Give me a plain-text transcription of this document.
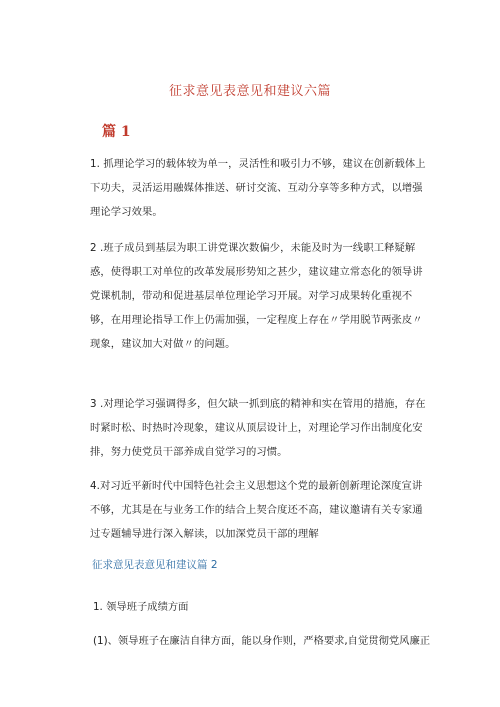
征求意见表意见和建议六篇
篇 1
1. 抓理论学习的载体较为单一，灵活性和吸引力不够，建议在创新载体上下功夫，灵活运用融媒体推送、研讨交流、互动分享等多种方式，以增强理论学习效果。
2 .班子成员到基层为职工讲党课次数偏少，未能及时为一线职工释疑解惑，使得职工对单位的改革发展形势知之甚少，建议建立常态化的领导讲党课机制，带动和促进基层单位理论学习开展。对学习成果转化重视不够，在用理论指导工作上仍需加强，一定程度上存在〃学用脱节两张皮〃现象，建议加大对做〃的问题。
3 .对理论学习强调得多，但欠缺一抓到底的精神和实在管用的措施，存在时紧时松、时热时冷现象，建议从顶层设计上，对理论学习作出制度化安排，努力使党员干部养成自觉学习的习惯。
4.对习近平新时代中国特色社会主义思想这个党的最新创新理论深度宣讲不够，尤其是在与业务工作的结合上契合度还不高，建议邀请有关专家通过专题辅导进行深入解读，以加深党员干部的理解
征求意见表意见和建议篇 2
1. 领导班子成绩方面
(1)、领导班子在廉洁自律方面，能以身作则，严格要求,自觉贯彻党风廉正
